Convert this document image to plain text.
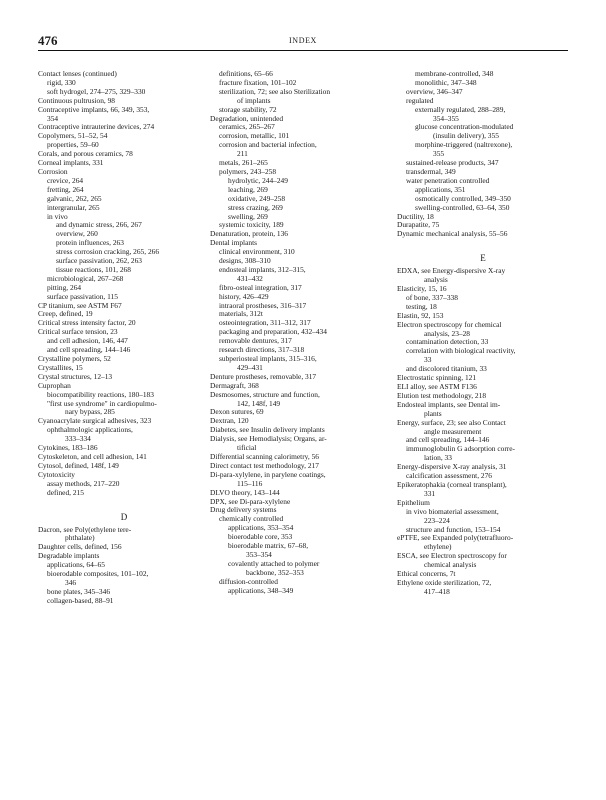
476	INDEX
Contact lenses (continued)
rigid, 330
soft hydrogel, 274–275, 329–330
Continuous pultrusion, 98
Contraceptive implants, 66, 349, 353,
354
Contraceptive intrauterine devices, 274
Copolymers, 51–52, 54
properties, 59–60
Corals, and porous ceramics, 78
Corneal implants, 331
Corrosion
crevice, 264
fretting, 264
galvanic, 262, 265
intergranular, 265
in vivo
and dynamic stress, 266, 267
overview, 260
protein influences, 263
stress corrosion cracking, 265, 266
surface passivation, 262, 263
tissue reactions, 101, 268
microbiological, 267–268
pitting, 264
surface passivation, 115
CP titanium, see ASTM F67
Creep, defined, 19
Critical stress intensity factor, 20
Critical surface tension, 23
and cell adhesion, 146, 447
and cell spreading, 144–146
Crystalline polymers, 52
Crystallites, 15
Crystal structures, 12–13
Cuprophan
biocompatibility reactions, 180–183
"first use syndrome" in cardiopulmo-
nary bypass, 285
Cyanoacrylate surgical adhesives, 323
ophthalmologic applications,
333–334
Cytokines, 183–186
Cytoskeleton, and cell adhesion, 141
Cytosol, defined, 148f, 149
Cytotoxicity
assay methods, 217–220
defined, 215
D
Dacron, see Poly(ethylene tere-
phthalate)
Daughter cells, defined, 156
Degradable implants
applications, 64–65
bioerodable composites, 101–102,
346
bone plates, 345–346
collagen-based, 88–91
definitions, 65–66
fracture fixation, 101–102
sterilization, 72; see also Sterilization
of implants
storage stability, 72
Degradation, unintended
ceramics, 265–267
corrosion, metallic, 101
corrosion and bacterial infection,
211
metals, 261–265
polymers, 243–258
hydrolytic, 244–249
leaching, 269
oxidative, 249–258
stress crazing, 269
swelling, 269
systemic toxicity, 189
Denaturation, protein, 136
Dental implants
clinical environment, 310
designs, 308–310
endosteal implants, 312–315,
431–432
fibro-osteal integration, 317
history, 426–429
intraoral prostheses, 316–317
materials, 312t
osteointegration, 311–312, 317
packaging and preparation, 432–434
removable dentures, 317
research directions, 317–318
subperiosteal implants, 315–316,
429–431
Denture prostheses, removable, 317
Dermagraft, 368
Desmosomes, structure and function,
142, 148f, 149
Dexon sutures, 69
Dextran, 120
Diabetes, see Insulin delivery implants
Dialysis, see Hemodialysis; Organs, ar-
tificial
Differential scanning calorimetry, 56
Direct contact test methodology, 217
Di-para-xylylene, in parylene coatings,
115–116
DLVO theory, 143–144
DPX, see Di-para-xylylene
Drug delivery systems
chemically controlled
applications, 353–354
bioerodable core, 353
bioerodable matrix, 67–68,
353–354
covalently attached to polymer
backbone, 352–353
diffusion-controlled
applications, 348–349
membrane-controlled, 348
monolithic, 347–348
overview, 346–347
regulated
externally regulated, 288–289,
354–355
glucose concentration-modulated
(insulin delivery), 355
morphine-triggered (naltrexone),
355
sustained-release products, 347
transdermal, 349
water penetration controlled
applications, 351
osmotically controlled, 349–350
swelling-controlled, 63–64, 350
Ductility, 18
Durapatite, 75
Dynamic mechanical analysis, 55–56
E
EDXA, see Energy-dispersive X-ray
analysis
Elasticity, 15, 16
of bone, 337–338
testing, 18
Elastin, 92, 153
Electron spectroscopy for chemical
analysis, 23–28
contamination detection, 33
correlation with biological reactivity,
33
and discolored titanium, 33
Electrostatic spinning, 121
ELI alloy, see ASTM F136
Elution test methodology, 218
Endosteal implants, see Dental im-
plants
Energy, surface, 23; see also Contact
angle measurement
and cell spreading, 144–146
immunoglobulin G adsorption corre-
lation, 33
Energy-dispersive X-ray analysis, 31
calcification assessment, 276
Epikeratophakia (corneal transplant),
331
Epithelium
in vivo biomaterial assessment,
223–224
structure and function, 153–154
ePTFE, see Expanded poly(tetrafluoro-
ethylene)
ESCA, see Electron spectroscopy for
chemical analysis
Ethical concerns, 7t
Ethylene oxide sterilization, 72,
417–418
